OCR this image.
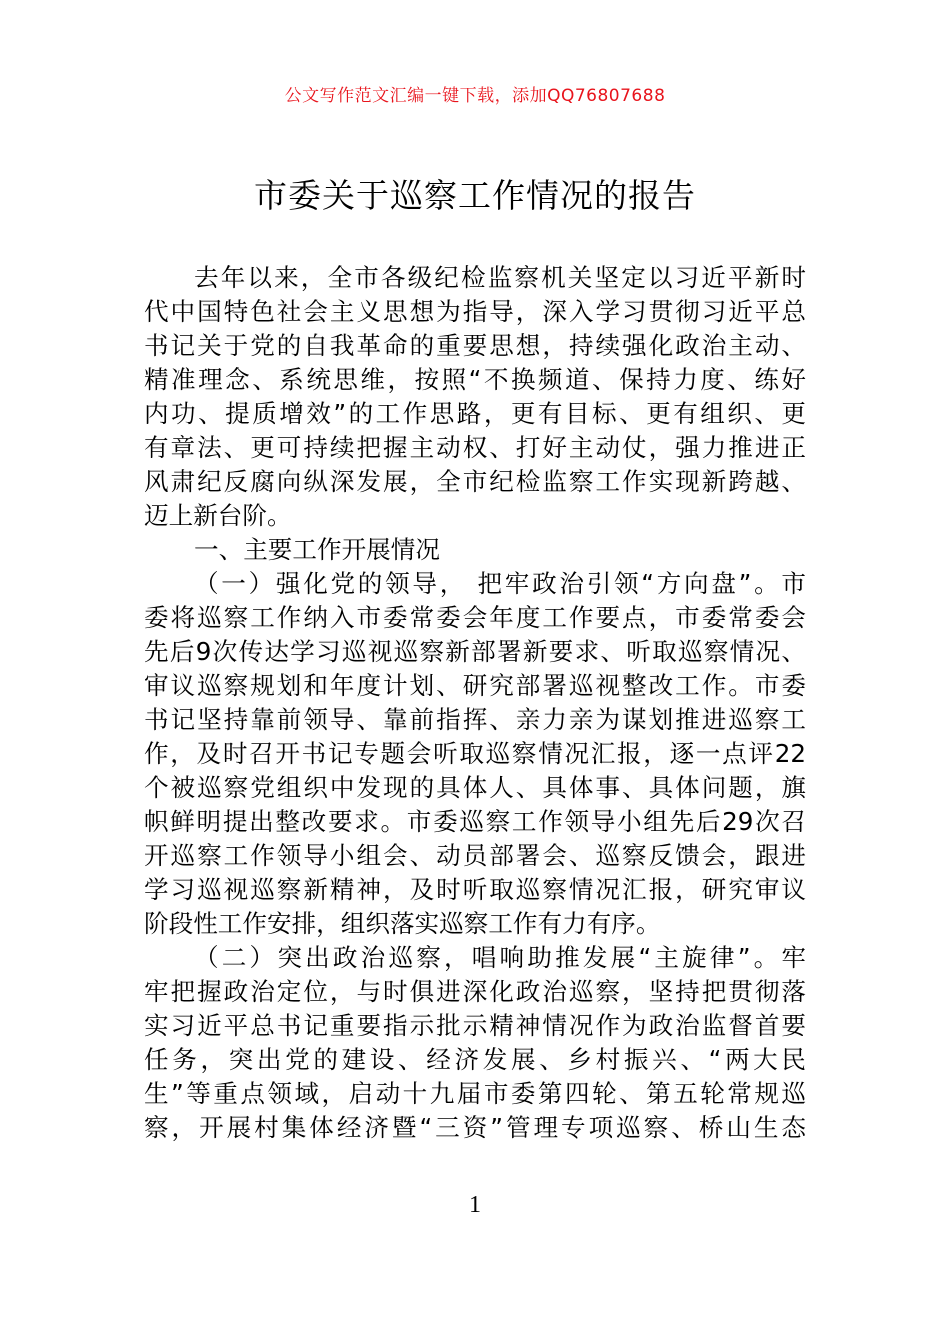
公文写作范文汇编一键下载，添加QQ76807688
市委关于巡察工作情况的报告
去年以来，全市各级纪检监察机关坚定以习近平新时
代中国特色社会主义思想为指导，深入学习贯彻习近平总
书记关于党的自我革命的重要思想，持续强化政治主动、
精准理念、系统思维，按照“不换频道、保持力度、练好
内功、提质增效”的工作思路，更有目标、更有组织、更
有章法、更可持续把握主动权、打好主动仗，强力推进正
风肃纪反腐向纵深发展，全市纪检监察工作实现新跨越、
迈上新台阶。
一、主要工作开展情况
（一）强化党的领导， 把牢政治引领“方向盘”。市
委将巡察工作纳入市委常委会年度工作要点，市委常委会
先后9次传达学习巡视巡察新部署新要求、听取巡察情况、
审议巡察规划和年度计划、研究部署巡视整改工作。市委
书记坚持靠前领导、靠前指挥、亲力亲为谋划推进巡察工
作，及时召开书记专题会听取巡察情况汇报，逐一点评22
个被巡察党组织中发现的具体人、具体事、具体问题，旗
帜鲜明提出整改要求。市委巡察工作领导小组先后29次召
开巡察工作领导小组会、动员部署会、巡察反馈会，跟进
学习巡视巡察新精神，及时听取巡察情况汇报，研究审议
阶段性工作安排，组织落实巡察工作有力有序。
（二）突出政治巡察，唱响助推发展“主旋律”。牢
牢把握政治定位，与时俱进深化政治巡察，坚持把贯彻落
实习近平总书记重要指示批示精神情况作为政治监督首要
任务，突出党的建设、经济发展、乡村振兴、“两大民
生”等重点领域，启动十九届市委第四轮、第五轮常规巡
察，开展村集体经济暨“三资”管理专项巡察、桥山生态
1
